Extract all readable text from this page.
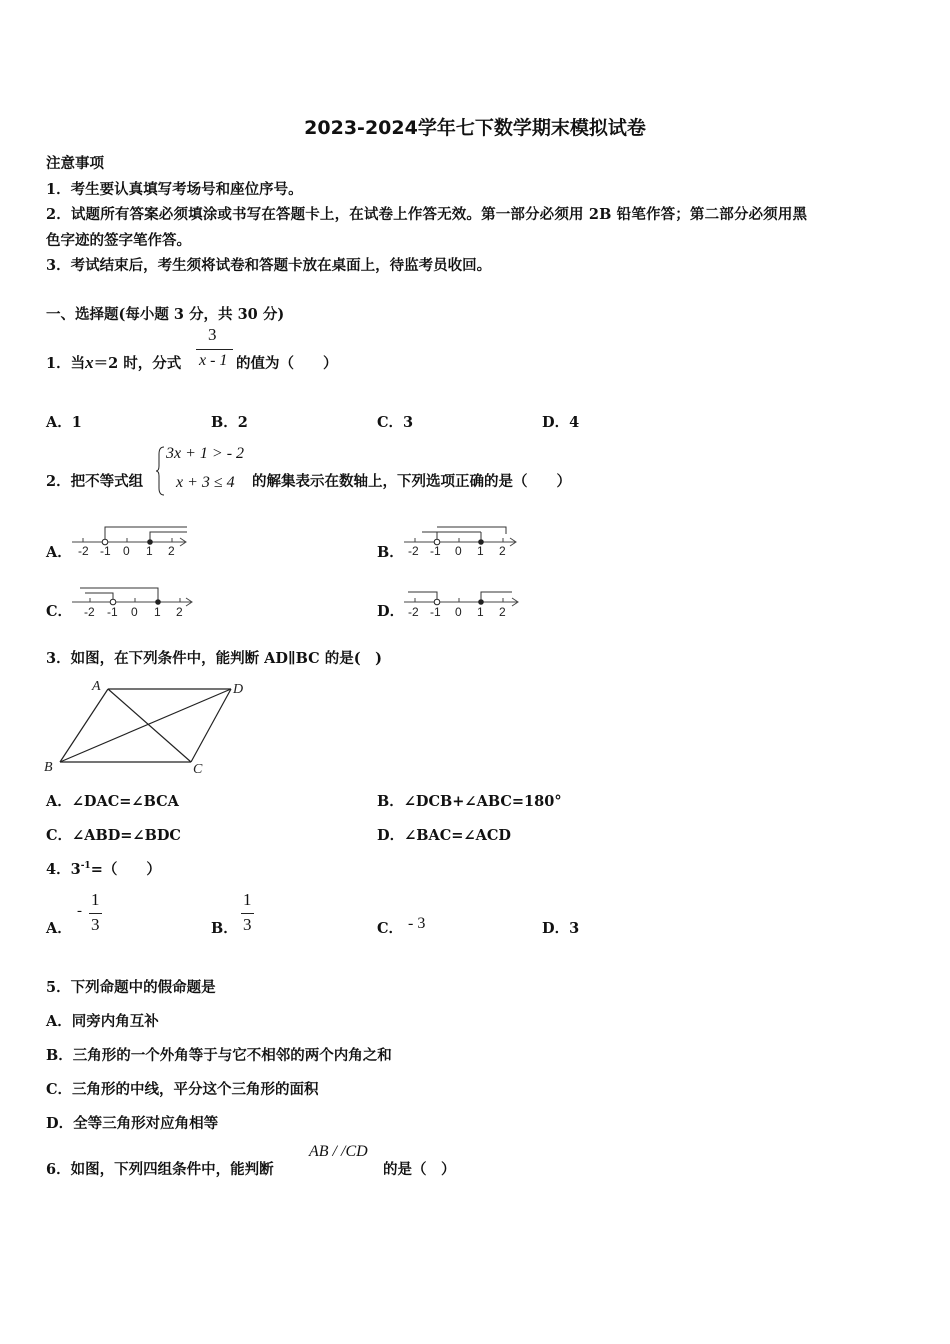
2023-2024学年七下数学期末模拟试卷
注意事项
1．考生要认真填写考场号和座位序号。
2．试题所有答案必须填涂或书写在答题卡上，在试卷上作答无效。第一部分必须用 2B 铅笔作答；第二部分必须用黑
色字迹的签字笔作答。
3．考试结束后，考生须将试卷和答题卡放在桌面上，待监考员收回。
一、选择题(每小题 3 分，共 30 分)
1．当x＝2 时，分式
3
x - 1 的值为（　　）
A．1	B．2	C．3	D．4
2．把不等式组
3x + 1 > - 2
x + 3 ≤ 4 的解集表示在数轴上，下列选项正确的是（　　）
A． -2 -1 0 1 2	B． -2 -1 0 1 2
C． -2 -1 0 1 2	D． -2 -1 0 1 2
3．如图，在下列条件中，能判断 AD∥BC 的是(　)
A	D
B	C
A．∠DAC=∠BCA	B．∠DCB+∠ABC=180°
C．∠ABD=∠BDC	D．∠BAC=∠ACD
4．$3^{-1}=$（　　）
A．
-
1
3	B．
1
3	C． - 3	D．3
5．下列命题中的假命题是
A．同旁内角互补
B．三角形的一个外角等于与它不相邻的两个内角之和
C．三角形的中线，平分这个三角形的面积
D．全等三角形对应角相等
6．如图，下列四组条件中，能判断
AB / /CD
的是（　）
